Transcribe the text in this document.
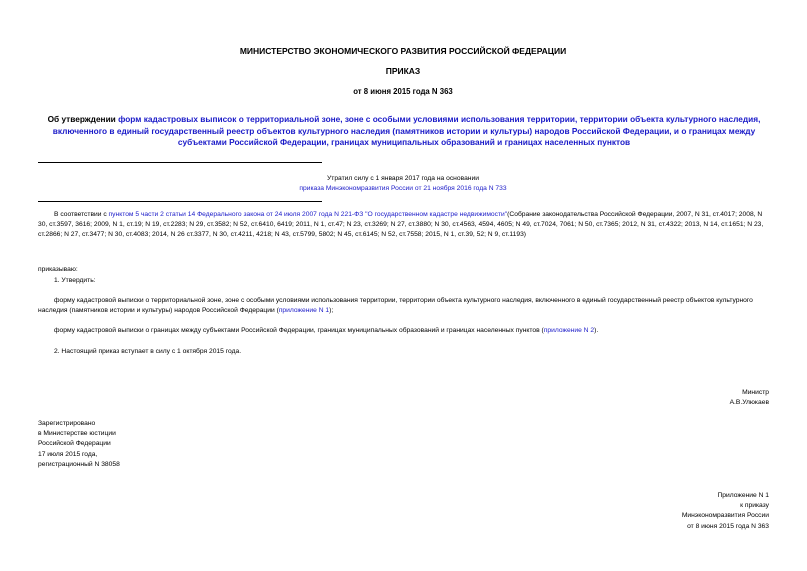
МИНИСТЕРСТВО ЭКОНОМИЧЕСКОГО РАЗВИТИЯ РОССИЙСКОЙ ФЕДЕРАЦИИ
ПРИКАЗ
от 8 июня 2015 года N 363
Об утверждении форм кадастровых выписок о территориальной зоне, зоне с особыми условиями использования территории, территории объекта культурного наследия, включенного в единый государственный реестр объектов культурного наследия (памятников истории и культуры) народов Российской Федерации, и о границах между субъектами Российской Федерации, границах муниципальных образований и границах населенных пунктов
Утратил силу с 1 января 2017 года на основании
приказа Минэкономразвития России от 21 ноября 2016 года N 733
В соответствии с пунктом 5 части 2 статьи 14 Федерального закона от 24 июля 2007 года N 221-ФЗ "О государственном кадастре недвижимости"(Собрание законодательства Российской Федерации, 2007, N 31, ст.4017; 2008, N 30, ст.3597, 3616; 2009, N 1, ст.19; N 19, ст.2283; N 29, ст.3582; N 52, ст.6410, 6419; 2011, N 1, ст.47; N 23, ст.3269; N 27, ст.3880; N 30, ст.4563, 4594, 4605; N 49, ст.7024, 7061; N 50, ст.7365; 2012, N 31, ст.4322; 2013, N 14, ст.1651; N 23, ст.2866; N 27, ст.3477; N 30, ст.4083; 2014, N 26 ст.3377, N 30, ст.4211, 4218; N 43, ст.5799, 5802; N 45, ст.6145; N 52, ст.7558; 2015, N 1, ст.39, 52; N 9, ст.1193)
приказываю:
1. Утвердить:
форму кадастровой выписки о территориальной зоне, зоне с особыми условиями использования территории, территории объекта культурного наследия, включенного в единый государственный реестр объектов культурного наследия (памятников истории и культуры) народов Российской Федерации (приложение N 1);
форму кадастровой выписки о границах между субъектами Российской Федерации, границах муниципальных образований и границах населенных пунктов (приложение N 2).
2. Настоящий приказ вступает в силу с 1 октября 2015 года.
Министр
А.В.Улюкаев
Зарегистрировано
в Министерстве юстиции
Российской Федерации
17 июля 2015 года,
регистрационный N 38058
Приложение N 1
к приказу
Минэкономразвития России
от 8 июня 2015 года N 363
